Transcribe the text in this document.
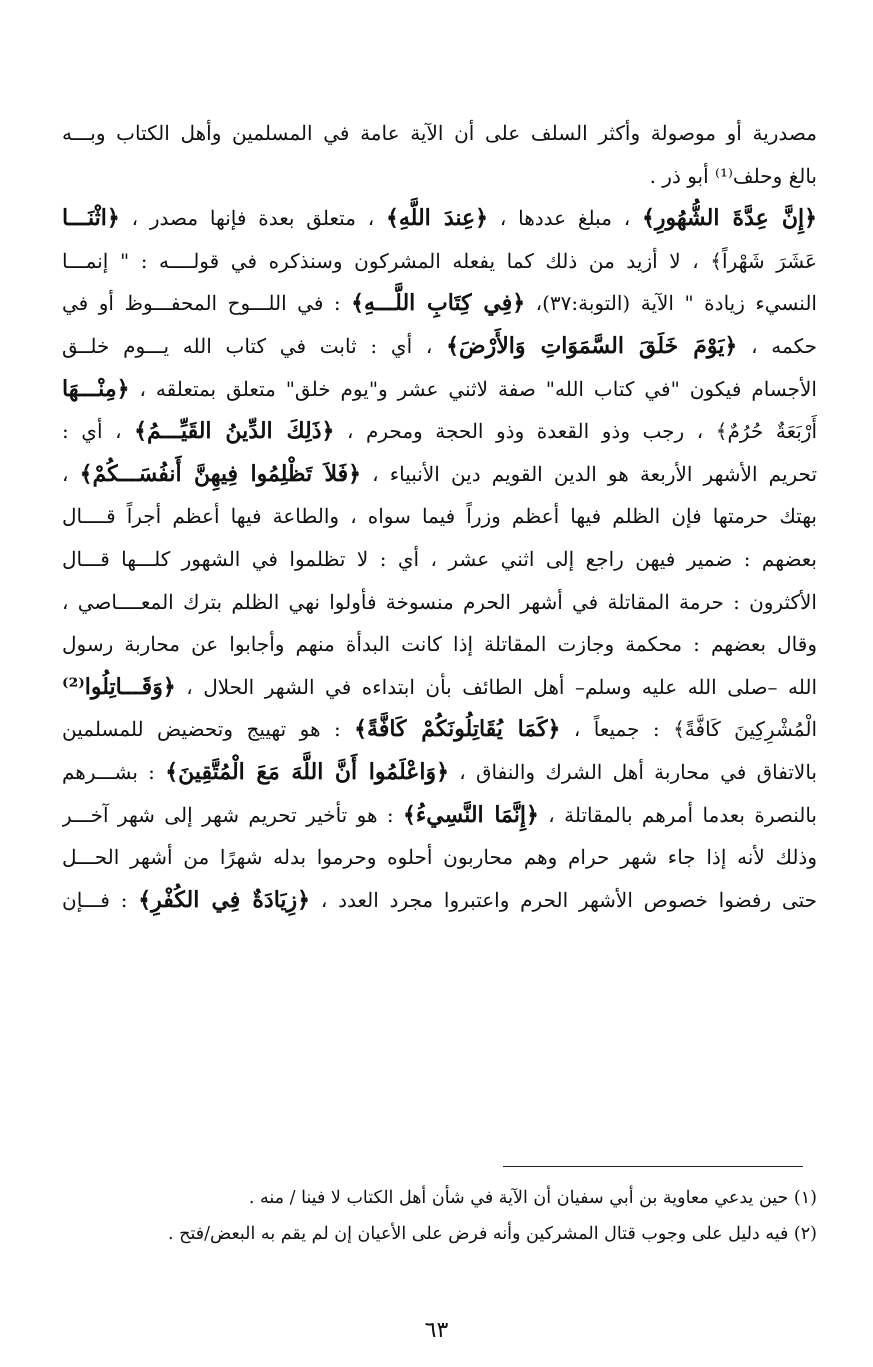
مصدرية أو موصولة وأكثر السلف على أن الآية عامة في المسلمين وأهل الكتاب وبـــه
بالغ وحلف⁽¹⁾ أبو ذر .
﴿إِنَّ عِدَّةَ الشُّهُورِ﴾ ، مبلغ عددها ، ﴿عِندَ اللَّهِ﴾ ، متعلق بعدة فإنها مصدر ، ﴿اثْنَـــا
عَشَرَ شَهْراً﴾ ، لا أزيد من ذلك كما يفعله المشركون وسنذكره في قولــــه : " إنمـــا
النسيء زيادة " الآية (التوبة:٣٧)، ﴿فِي كِتَابِ اللَّـــهِ﴾ : في اللـــوح المحفـــوظ أو في
حكمه ، ﴿يَوْمَ خَلَقَ السَّمَوَاتِ وَالأَرْضَ﴾ ، أي : ثابت في كتاب الله يـــوم خلــق
الأجسام فيكون "في كتاب الله" صفة لاثني عشر و"يوم خلق" متعلق بمتعلقه ، ﴿مِنْـــهَا
أَرْبَعَةٌ حُرُمٌ﴾ ، رجب وذو القعدة وذو الحجة ومحرم ، ﴿ذَلِكَ الدِّينُ القَيِّـــمُ﴾ ، أي :
تحريم الأشهر الأربعة هو الدين القويم دين الأنبياء ، ﴿فَلاَ تَظْلِمُوا فِيهِنَّ أَنفُسَـــكُمْ﴾ ،
بهتك حرمتها فإن الظلم فيها أعظم وزراً فيما سواه ، والطاعة فيها أعظم أجراً قــــال
بعضهم : ضمير فيهن راجع إلى اثني عشر ، أي : لا تظلموا في الشهور كلـــها قـــال
الأكثرون : حرمة المقاتلة في أشهر الحرم منسوخة فأولوا نهي الظلم بترك المعــــاصي ،
وقال بعضهم : محكمة وجازت المقاتلة إذا كانت البدأة منهم وأجابوا عن محاربة رسول
الله –صلى الله عليه وسلم– أهل الطائف بأن ابتداءه في الشهر الحلال ، ﴿وَقَـــاتِلُوا⁽²⁾
الْمُشْرِكِينَ كَافَّةً﴾ : جميعاً ، ﴿كَمَا يُقَاتِلُونَكُمْ كَافَّةً﴾ : هو تهييج وتحضيض للمسلمين
بالاتفاق في محاربة أهل الشرك والنفاق ، ﴿وَاعْلَمُوا أَنَّ اللَّهَ مَعَ الْمُتَّقِينَ﴾ : بشـــرهم
بالنصرة بعدما أمرهم بالمقاتلة ، ﴿إِنَّمَا النَّسِيءُ﴾ : هو تأخير تحريم شهر إلى شهر آخـــر
وذلك لأنه إذا جاء شهر حرام وهم محاربون أحلوه وحرموا بدله شهرًا من أشهر الحـــل
حتى رفضوا خصوص الأشهر الحرم واعتبروا مجرد العدد ، ﴿زِيَادَةٌ فِي الكُفْرِ﴾ : فـــإن
(١) حين يدعي معاوية بن أبي سفيان أن الآية في شأن أهل الكتاب لا فينا / منه .
(٢) فيه دليل على وجوب قتال المشركين وأنه فرض على الأعيان إن لم يقم به البعض/فتح .
٦٣
